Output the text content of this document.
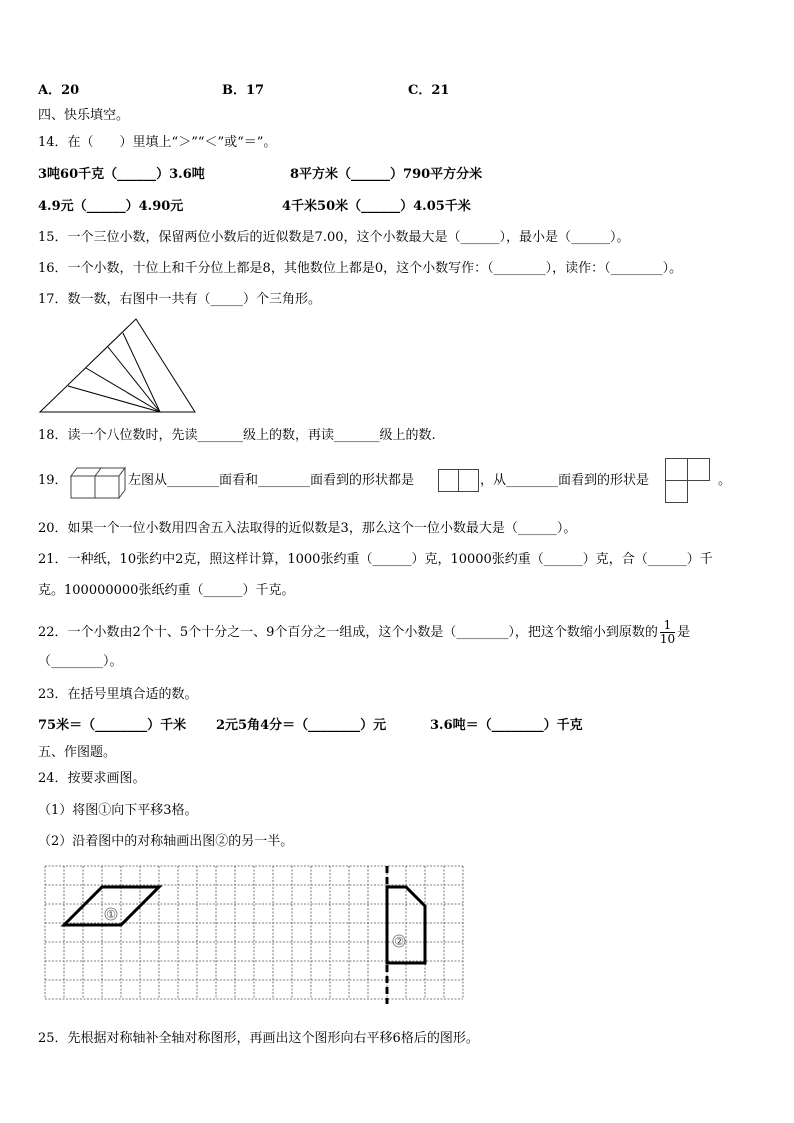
A．20	B．17	C．21
四、快乐填空。
14．在（　　）里填上“＞”“＜”或“＝”。
3吨60千克（______）3.6吨	8平方米（______）790平方分米
4.9元（______）4.90元	4千米50米（______）4.05千米
15．一个三位小数，保留两位小数后的近似数是7.00，这个小数最大是（______），最小是（______）。
16．一个小数，十位上和千分位上都是8，其他数位上都是0，这个小数写作：（________），读作：（________）。
17．数一数，右图中一共有（_____）个三角形。
18．读一个八位数时，先读_______级上的数，再读_______级上的数.
19．	左图从________面看和________面看到的形状都是	，从________面看到的形状是	。
20．如果一个一位小数用四舍五入法取得的近似数是3，那么这个一位小数最大是（______）。
21．一种纸，10张约中2克，照这样计算，1000张约重（______）克，10000张约重（______）克，合（______）千
克。100000000张纸约重（______）千克。
22．一个小数由2个十、5个十分之一、9个百分之一组成，这个小数是（________），把这个数缩小到原数的 $\frac{1}{10}$ 是
（________）。
23．在括号里填合适的数。
75米＝（________）千米 2元5角4分＝（________）元	3.6吨＝（________）千克
五、作图题。
24．按要求画图。
（1）将图①向下平移3格。
（2）沿着图中的对称轴画出图②的另一半。
①
②
25．先根据对称轴补全轴对称图形，再画出这个图形向右平移6格后的图形。
